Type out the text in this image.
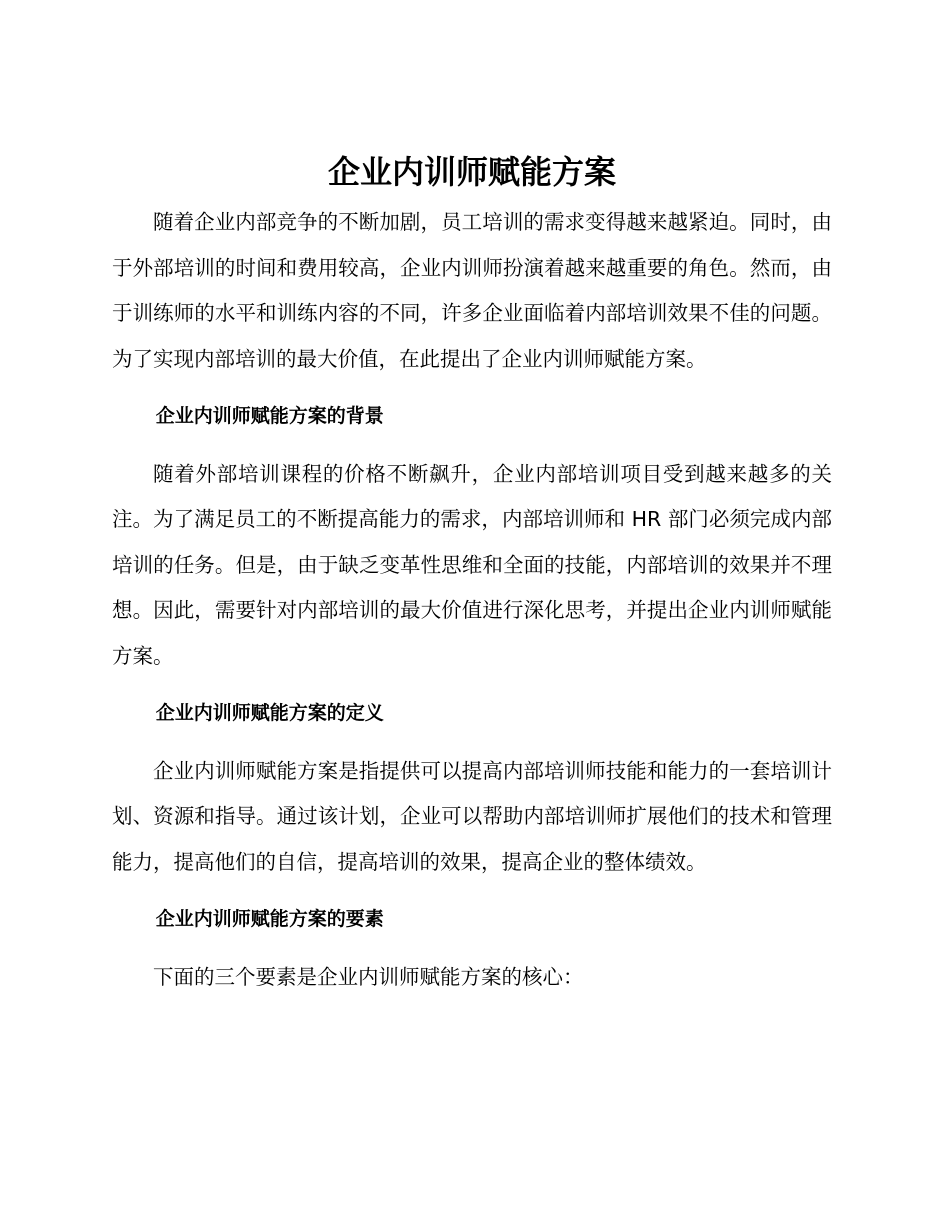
企业内训师赋能方案

随着企业内部竞争的不断加剧，员工培训的需求变得越来越紧迫。同时，由于外部培训的时间和费用较高，企业内训师扮演着越来越重要的角色。然而，由于训练师的水平和训练内容的不同，许多企业面临着内部培训效果不佳的问题。为了实现内部培训的最大价值，在此提出了企业内训师赋能方案。

企业内训师赋能方案的背景

随着外部培训课程的价格不断飙升，企业内部培训项目受到越来越多的关注。为了满足员工的不断提高能力的需求，内部培训师和 HR 部门必须完成内部培训的任务。但是，由于缺乏变革性思维和全面的技能，内部培训的效果并不理想。因此，需要针对内部培训的最大价值进行深化思考，并提出企业内训师赋能方案。

企业内训师赋能方案的定义

企业内训师赋能方案是指提供可以提高内部培训师技能和能力的一套培训计划、资源和指导。通过该计划，企业可以帮助内部培训师扩展他们的技术和管理能力，提高他们的自信，提高培训的效果，提高企业的整体绩效。

企业内训师赋能方案的要素

下面的三个要素是企业内训师赋能方案的核心：
